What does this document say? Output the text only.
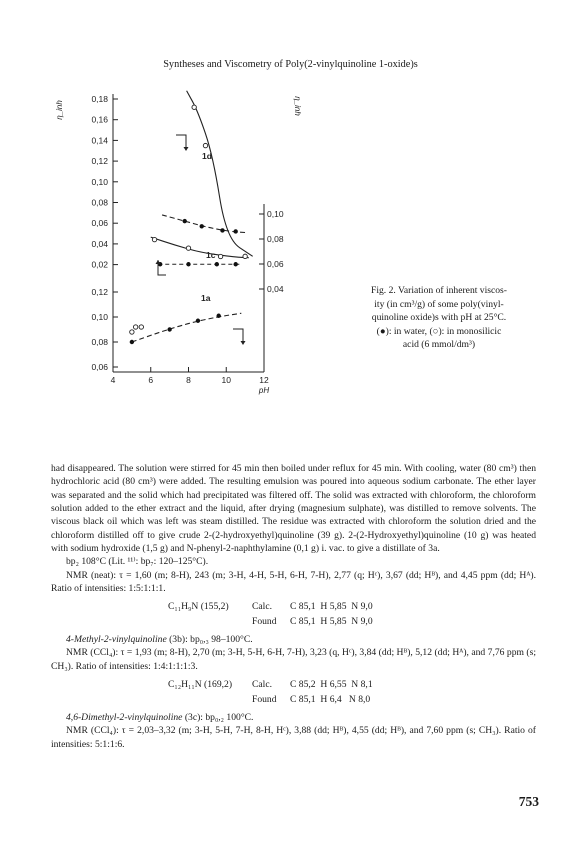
Syntheses and Viscometry of Poly(2-vinylquinoline 1-oxide)s
0,18
0,16
0,14
0,12
0,10
0,08
0,06
0,04
0,02
0,12
0,10
0,08
0,06
0,10
0,08
0,06
0,04
4	6	8	10	12
η_inh	η_inh
pH
1d
1c
1a
Fig. 2. Variation of inherent viscos-
ity (in cm³/g) of some poly(vinyl-
quinoline oxide)s with pH at 25°C.
(●): in water, (○): in monosilicic
acid (6 mmol/dm³)

had disappeared. The solution were stirred for 45 min then boiled under reflux for 45 min. With cooling, water (80 cm³) then hydrochloric acid (80 cm³) were added. The resulting emulsion was poured into aqueous sodium carbonate. The ether layer was separated and the solid which had precipitated was filtered off. The solid was extracted with chloroform, the chloroform solution added to the ether extract and the liquid, after drying (magnesium sulphate), was distilled to remove solvents. The viscous black oil which was left was steam distilled. The residue was extracted with chloroform the solution dried and the chloroform distilled off to give crude 2-(2-hydroxyethyl)quinoline (39 g). 2-(2-Hydroxyethyl)quinoline (10 g) was heated with sodium hydroxide (1,5 g) and N-phenyl-2-naphthylamine (0,1 g) i. vac. to give a distillate of 3a.

bp₂ 108°C (Lit. ¹¹⁾: bp₇: 120–125°C).

NMR (neat): τ = 1,60 (m; 8-H), 243 (m; 3-H, 4-H, 5-H, 6-H, 7-H), 2,77 (q; Hᶜ), 3,67 (dd; Hᴮ), and 4,45 ppm (dd; Hᴬ). Ratio of intensities: 1:5:1:1:1.

C₁₁H₉N (155,2)	Calc.	C 85,1  H 5,85  N 9,0
Found	C 85,1  H 5,85  N 9,0

4-Methyl-2-vinylquinoline (3b): bp₀,₃ 98–100°C.

NMR (CCl₄): τ = 1,93 (m; 8-H), 2,70 (m; 3-H, 5-H, 6-H, 7-H), 3,23 (q, Hᶜ), 3,84 (dd; Hᴮ), 5,12 (dd; Hᴬ), and 7,76 ppm (s; CH₃). Ratio of intensities: 1:4:1:1:1:3.

C₁₂H₁₁N (169,2)	Calc.	C 85,2  H 6,55  N 8,1
Found	C 85,1  H 6,4   N 8,0

4,6-Dimethyl-2-vinylquinoline (3c): bp₀,₂ 100°C.

NMR (CCl₄): τ = 2,03–3,32 (m; 3-H, 5-H, 7-H, 8-H, Hᶜ), 3,88 (dd; Hᴮ), 4,55 (dd; Hᴮ), and 7,60 ppm (s; CH₃). Ratio of intensities: 5:1:1:6.

753
